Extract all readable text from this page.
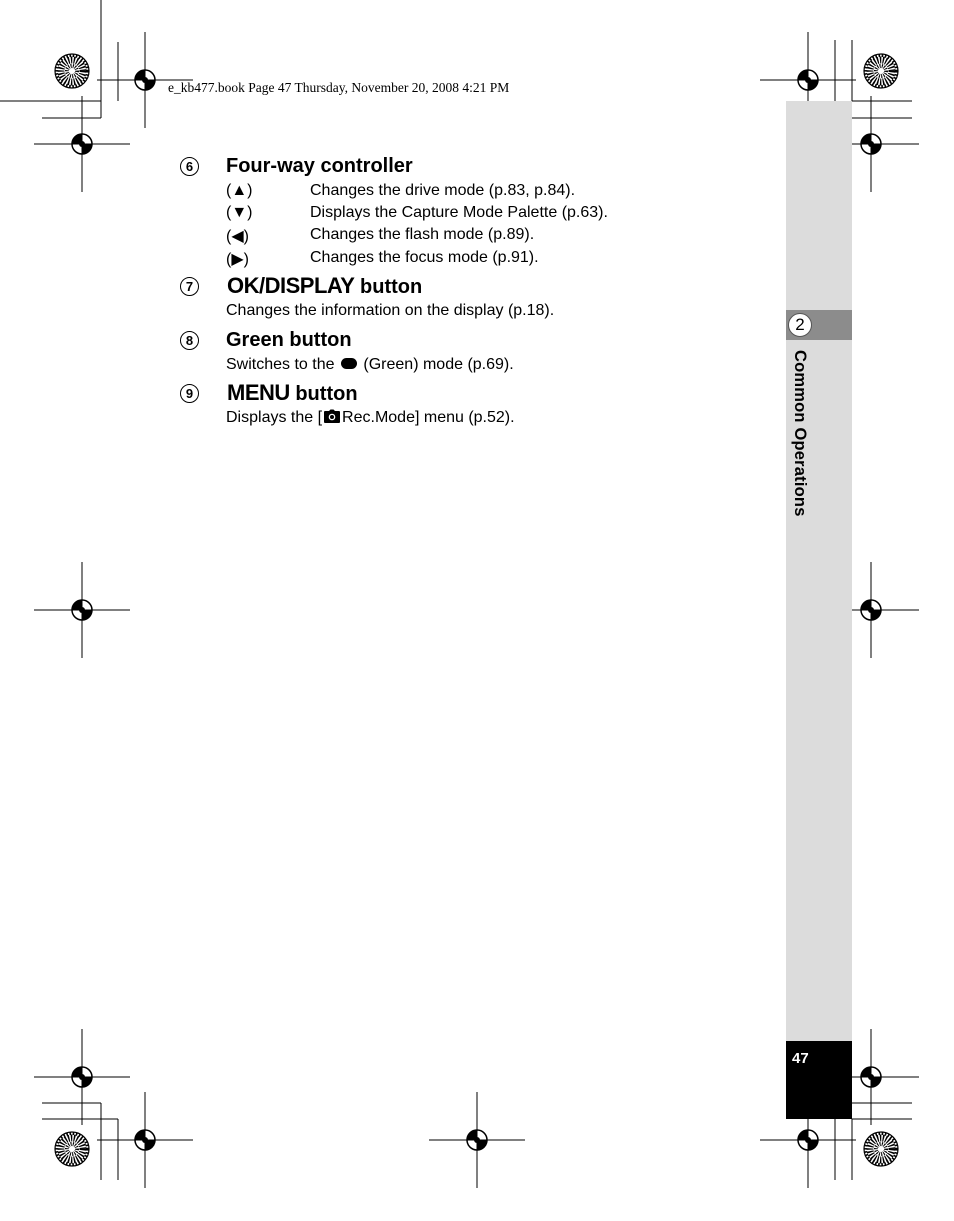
e_kb477.book Page 47 Thursday, November 20, 2008 4:21 PM
2
Common Operations
47
6 Four-way controller
(▲)	Changes the drive mode (p.83, p.84).
(▼)	Displays the Capture Mode Palette (p.63).
(◀)	Changes the flash mode (p.89).
(▶)	Changes the focus mode (p.91).
7 OK/DISPLAY button
Changes the information on the display (p.18).
8 Green button
Switches to the (Green) mode (p.69).
9 MENU button
Displays the [ Rec.Mode] menu (p.52).
